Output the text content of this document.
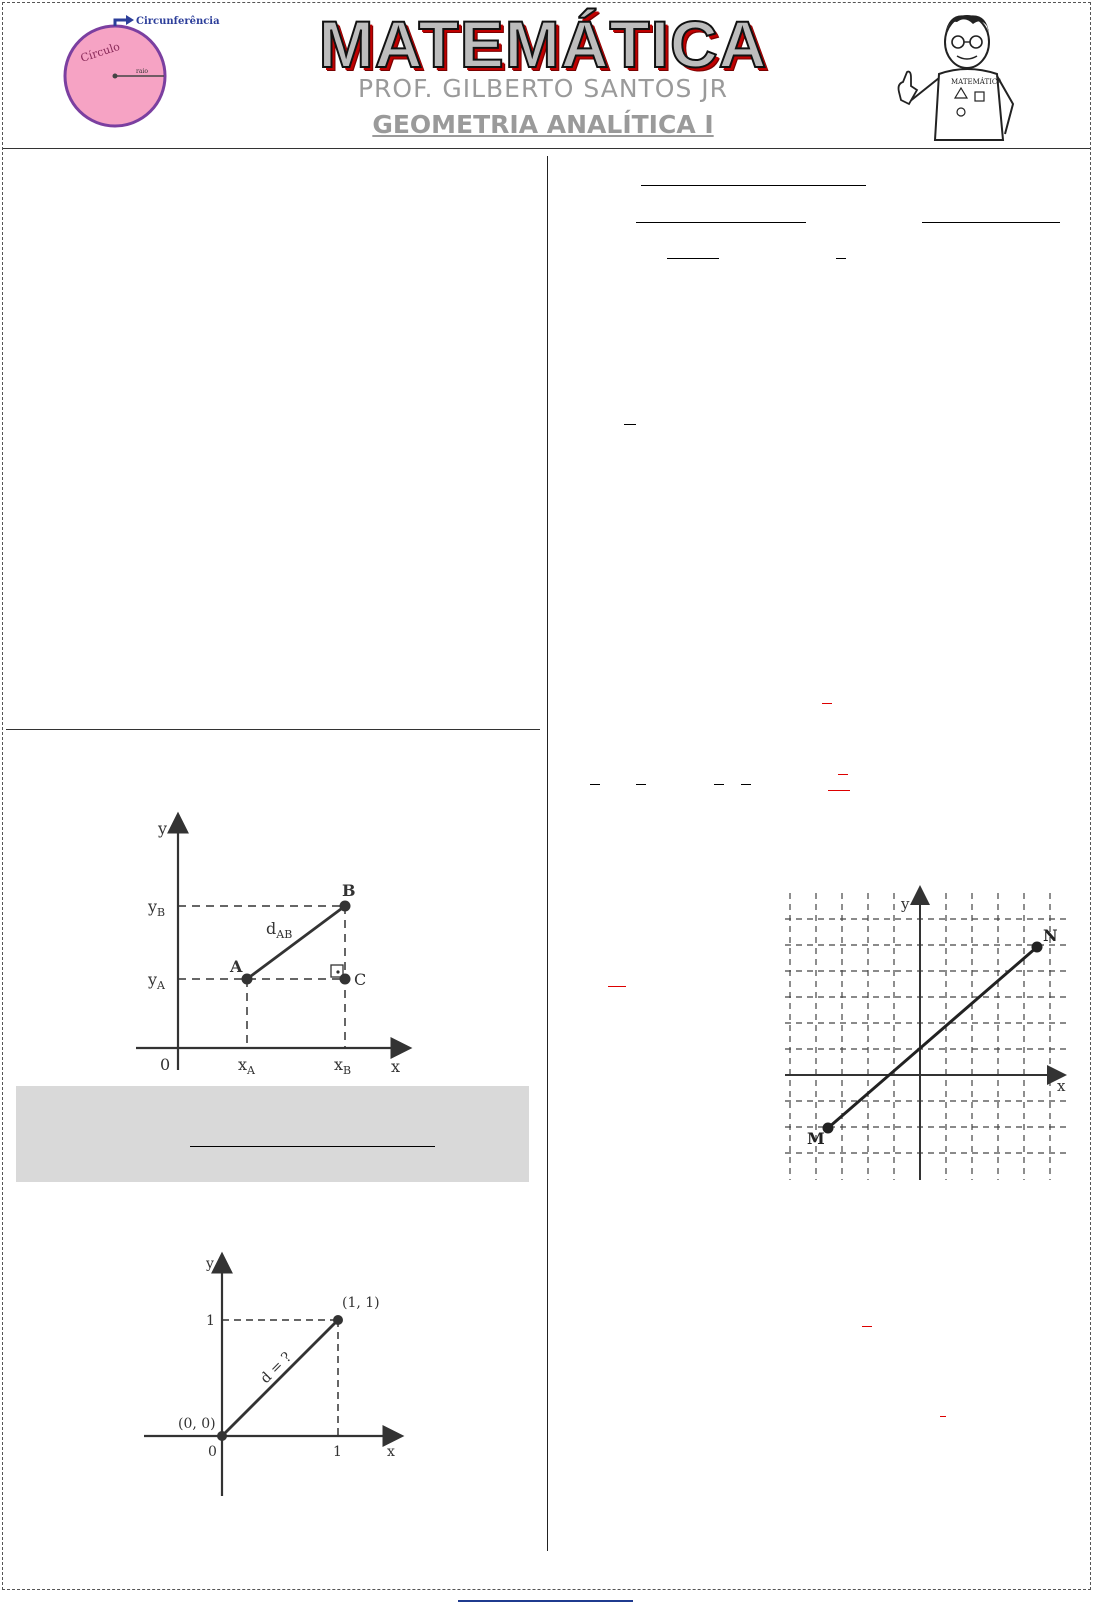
Circunferência
Círculo
raio	MATEMÁTICA
PROF. GILBERTO SANTOS JR
GEOMETRIA ANALÍTICA I
MATEMÁTICA
y
x
0
$y_B$
$y_A$
$x_A$	$x_B$
A
B
C
$d_{AB}$
y
x
0	1
1
(0, 0)
(1, 1)
d = ?
y
x
M
N
